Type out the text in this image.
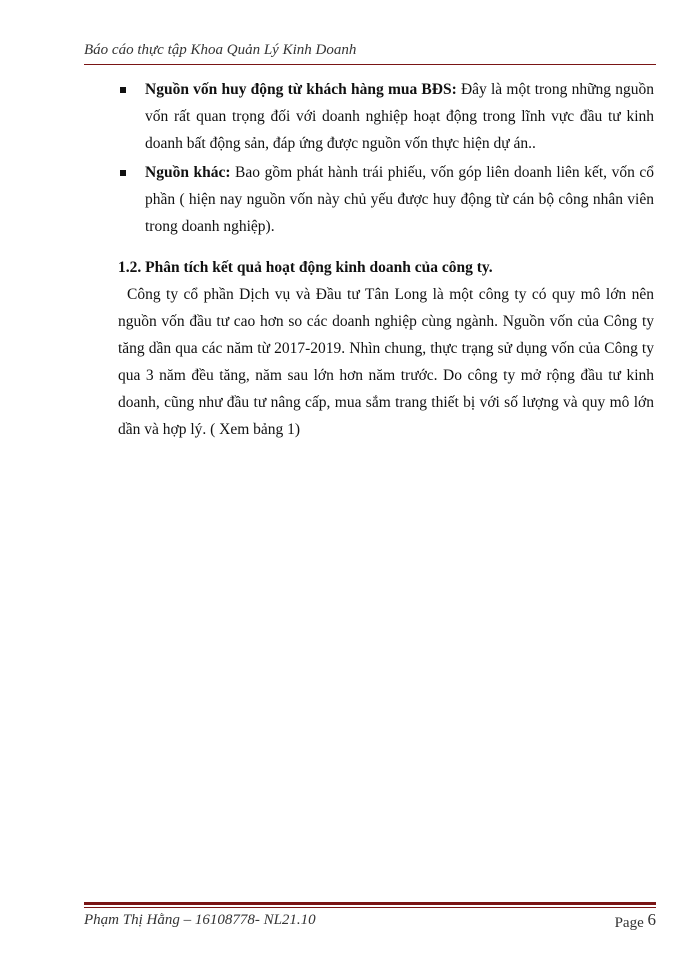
Báo cáo thực tập Khoa Quản Lý Kinh Doanh
Nguồn vốn huy động từ khách hàng mua BĐS: Đây là một trong những nguồn vốn rất quan trọng đối với doanh nghiệp hoạt động trong lĩnh vực đầu tư kinh doanh bất động sản, đáp ứng được nguồn vốn thực hiện dự án..
Nguồn khác: Bao gồm phát hành trái phiếu, vốn góp liên doanh liên kết, vốn cổ phần ( hiện nay nguồn vốn này chủ yếu được huy động từ cán bộ công nhân viên trong doanh nghiệp).
1.2. Phân tích kết quả hoạt động kinh doanh của công ty.

Công ty cổ phần Dịch vụ và Đầu tư Tân Long là một công ty có quy mô lớn nên nguồn vốn đầu tư cao hơn so các doanh nghiệp cùng ngành. Nguồn vốn của Công ty tăng dần qua các năm từ 2017-2019. Nhìn chung, thực trạng sử dụng vốn của Công ty qua 3 năm đều tăng, năm sau lớn hơn năm trước. Do công ty mở rộng đầu tư kinh doanh, cũng như đầu tư nâng cấp, mua sắm trang thiết bị với số lượng và quy mô lớn dần và hợp lý. ( Xem bảng 1)

Phạm Thị Hằng – 16108778- NL21.10	Page 6
